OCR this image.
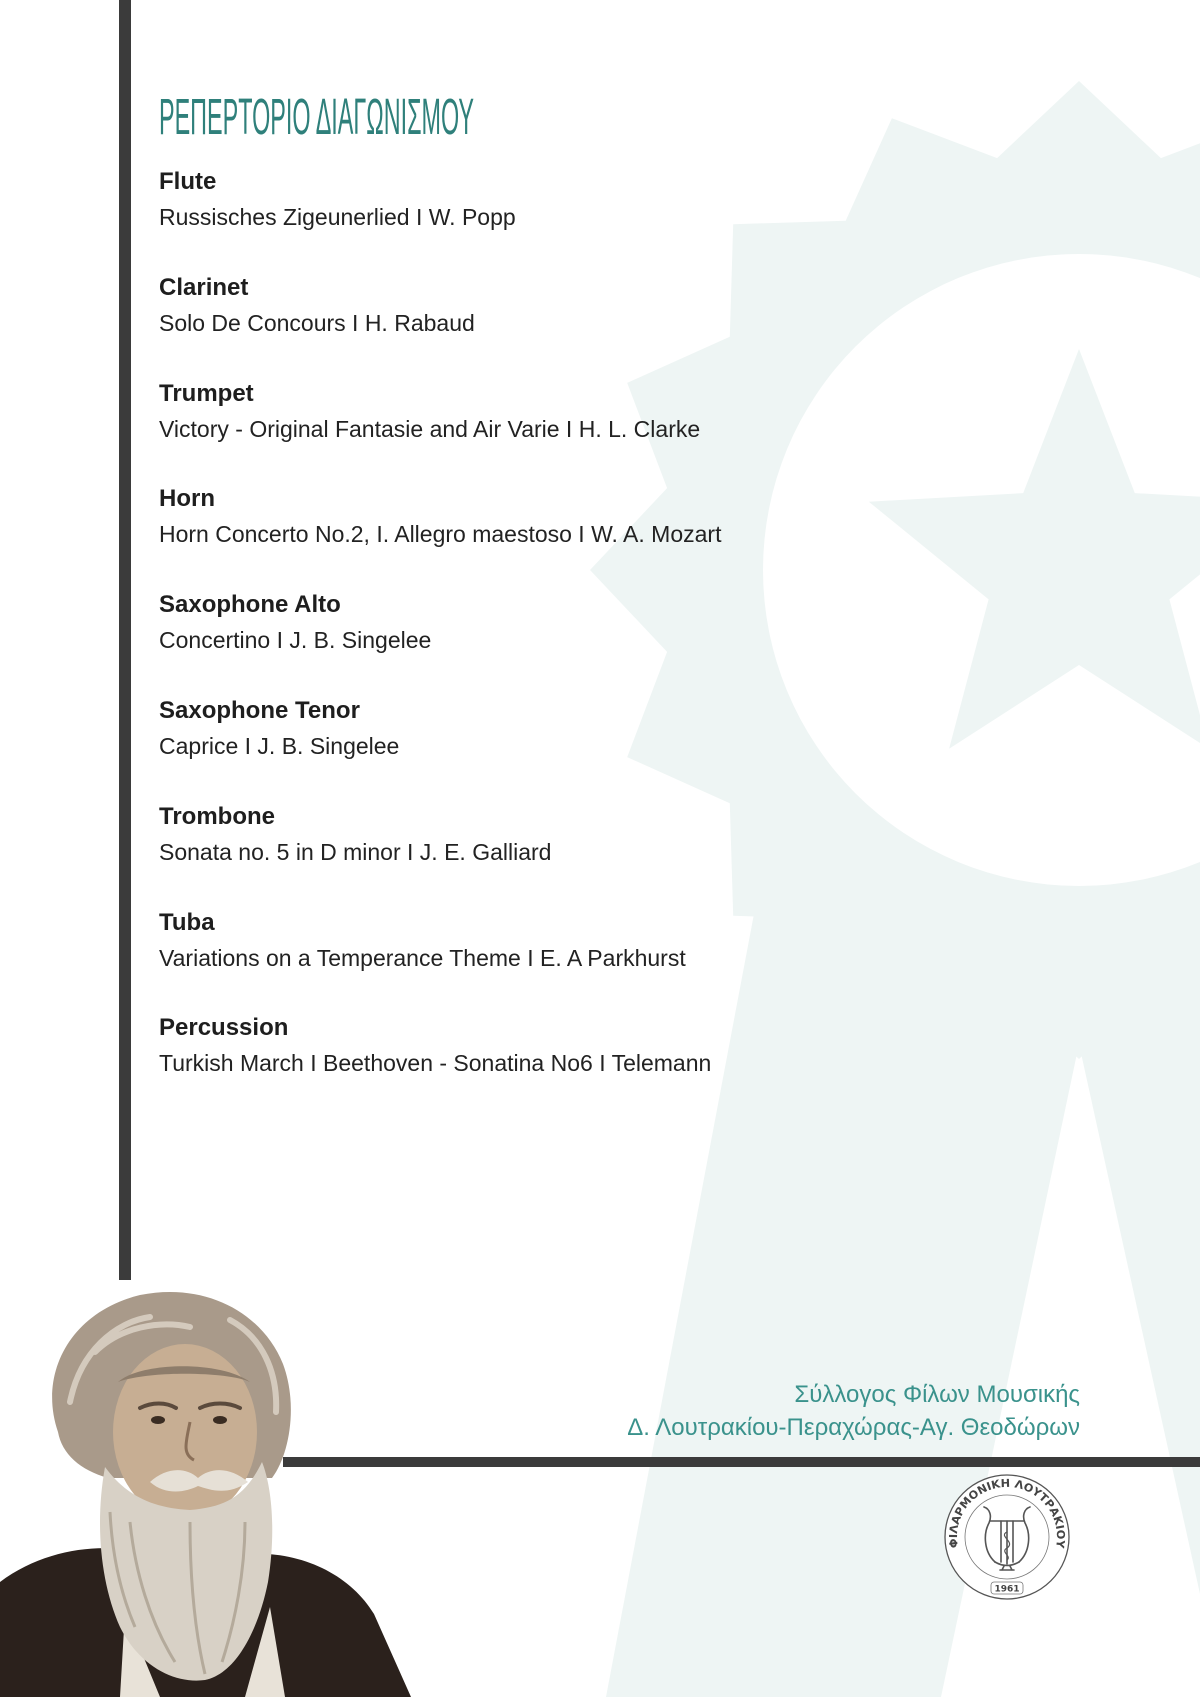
ΡΕΠΕΡΤΟΡΙΟ ΔΙΑΓΩΝΙΣΜΟΥ
Flute
Russisches Zigeunerlied I W. Popp
Clarinet
Solo De Concours I H. Rabaud
Trumpet
Victory - Original Fantasie and Air Varie I H. L. Clarke
Horn
Horn Concerto No.2, I. Allegro maestoso I W. A. Mozart
Saxophone Alto
Concertino I J. B. Singelee
Saxophone Tenor
Caprice I J. B. Singelee
Trombone
Sonata no. 5 in D minor I J. E. Galliard
Tuba
Variations on a Temperance Theme I E. A Parkhurst
Percussion
Turkish March I Beethoven - Sonatina No6 I Telemann
Σύλλογος Φίλων Μουσικής
Δ. Λουτρακίου-Περαχώρας-Αγ. Θεοδώρων
ΦΙΛΑΡΜΟΝΙΚΗ ΛΟΥΤΡΑΚΙΟΥ
1961
